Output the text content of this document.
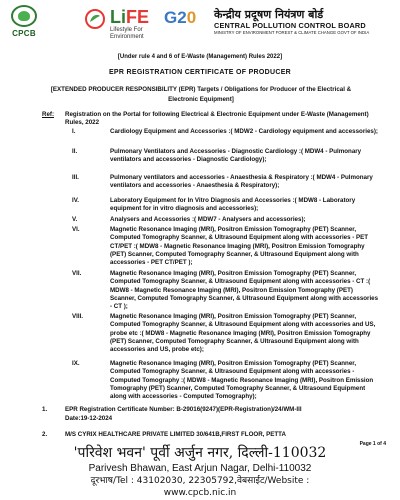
CPCB
LiFE
Lifestyle For Environment
G20	केन्द्रीय प्रदूषण नियंत्रण बोर्ड
CENTRAL POLLUTION CONTROL BOARD
MINISTRY OF ENVIRONMENT FOREST & CLIMATE CHANGE GOVT OF INDIA
[Under rule 4 and 6 of E-Waste (Management) Rules 2022]
EPR REGISTRATION CERTIFICATE OF PRODUCER
[EXTENDED PRODUCER RESPONSIBILITY (EPR) Targets / Obligations for Producer of the Electrical & Electronic Equipment]
Ref: Registration on the Portal for following Electrical & Electronic Equipment under E-Waste (Management) Rules, 2022
I.	Cardiology Equipment and Accessories :( MDW2 - Cardiology equipment and accessories);
II.	Pulmonary Ventilators and Accessories - Diagnostic Cardiology :( MDW4 - Pulmonary ventilators and accessories - Diagnostic Cardiology);
III.	Pulmonary ventilators and accessories - Anaesthesia & Respiratory :( MDW4 - Pulmonary ventilators and accessories - Anaesthesia & Respiratory);
IV.	Laboratory Equipment for In Vitro Diagnosis and Accessories :( MDW8 - Laboratory equipment for in vitro diagnosis and accessories);
V.	Analysers and Accessories :( MDW7 - Analysers and accessories);
VI.	Magnetic Resonance Imaging (MRI), Positron Emission Tomography (PET) Scanner, Computed Tomography Scanner, & Ultrasound Equipment along with accessories - PET CT/PET :( MDW8 - Magnetic Resonance Imaging (MRI), Positron Emission Tomography (PET) Scanner, Computed Tomography Scanner, & Ultrasound Equipment along with accessories - PET CT/PET );
VII.	Magnetic Resonance Imaging (MRI), Positron Emission Tomography (PET) Scanner, Computed Tomography Scanner, & Ultrasound Equipment along with accessories - CT :( MDW8 - Magnetic Resonance Imaging (MRI), Positron Emission Tomography (PET) Scanner, Computed Tomography Scanner, & Ultrasound Equipment along with accessories - CT );
VIII.	Magnetic Resonance Imaging (MRI), Positron Emission Tomography (PET) Scanner, Computed Tomography Scanner, & Ultrasound Equipment along with accessories and US, probe etc :( MDW8 - Magnetic Resonance Imaging (MRI), Positron Emission Tomography (PET) Scanner, Computed Tomography Scanner, & Ultrasound Equipment along with accessories and US, probe etc);
IX.	Magnetic Resonance Imaging (MRI), Positron Emission Tomography (PET) Scanner, Computed Tomography Scanner, & Ultrasound Equipment along with accessories - Computed Tomography :( MDW8 - Magnetic Resonance Imaging (MRI), Positron Emission Tomography (PET) Scanner, Computed Tomography Scanner, & Ultrasound Equipment along with accessories - Computed Tomography);
1.	EPR Registration Certificate Number: B-29016(9247)(EPR-Registration)/24/WM-III
Date:19-12-2024
2.	M/S CYRIX HEALTHCARE PRIVATE LIMITED 30/641B,FIRST FLOOR, PETTA
Page 1 of 4
'परिवेश भवन' पूर्वी अर्जुन नगर, दिल्ली-110032
Parivesh Bhawan, East Arjun Nagar, Delhi-110032
दूरभाष/Tel : 43102030, 22305792,वेबसाईट/Website : www.cpcb.nic.in
